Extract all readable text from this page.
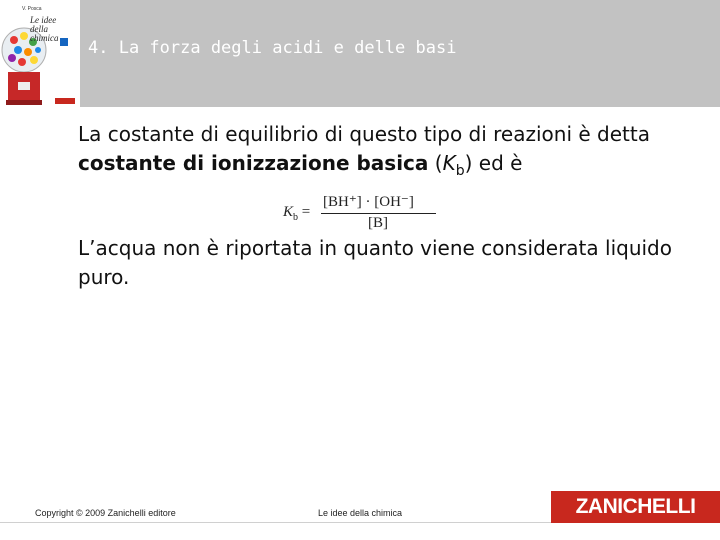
V. Posca
Le idee della chimica	4. La forza degli acidi e delle basi
La costante di equilibrio di questo tipo di reazioni è detta costante di ionizzazione basica $(K_b)$ ed è
$K_b$ =
[BH⁺] · [OH⁻]
[B]
L’acqua non è riportata in quanto viene considerata liquido puro.
Copyright © 2009 Zanichelli editore	Le idee della chimica	ZANICHELLI
